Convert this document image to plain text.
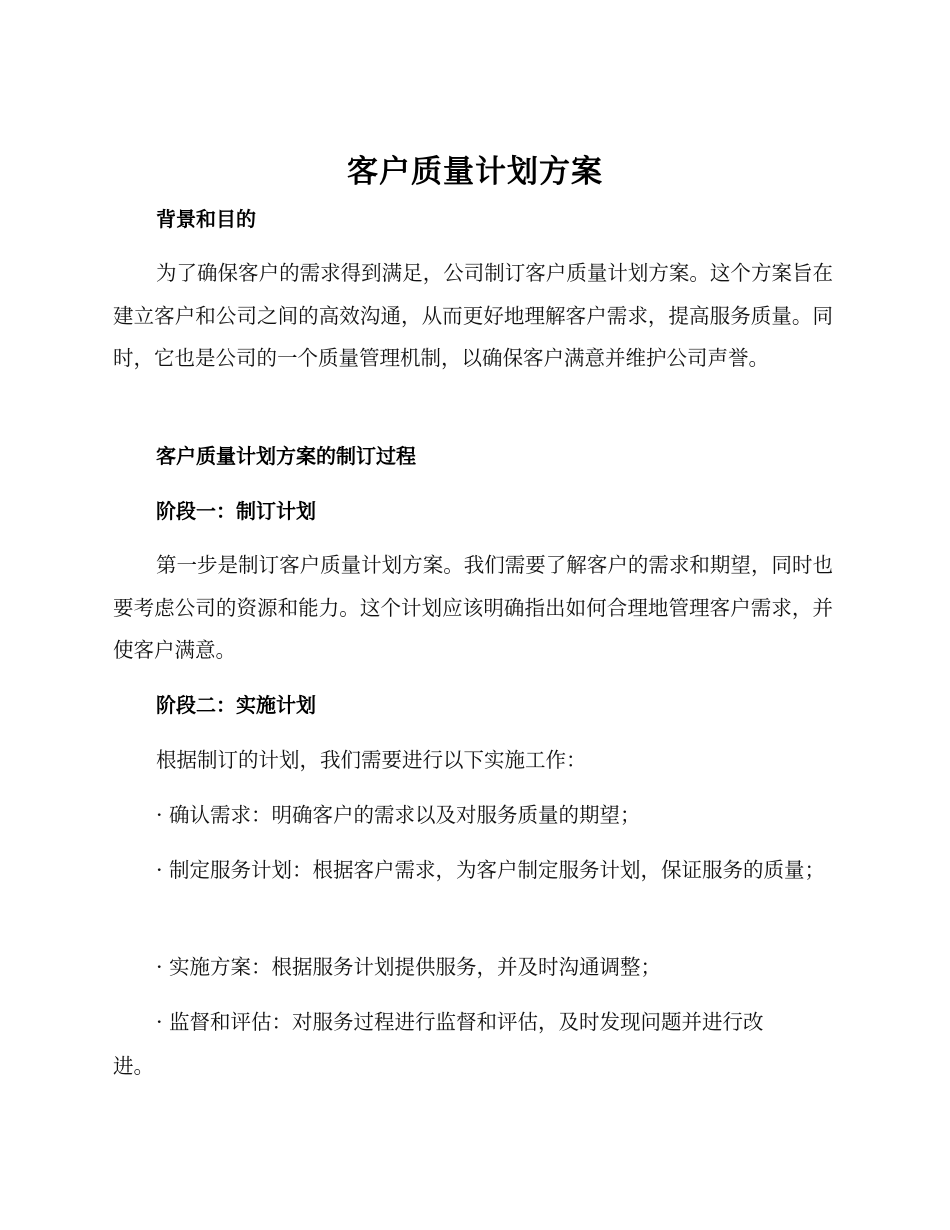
客户质量计划方案
背景和目的
为了确保客户的需求得到满足，公司制订客户质量计划方案。这个方案旨在建立客户和公司之间的高效沟通，从而更好地理解客户需求，提高服务质量。同时，它也是公司的一个质量管理机制，以确保客户满意并维护公司声誉。
客户质量计划方案的制订过程
阶段一：制订计划
第一步是制订客户质量计划方案。我们需要了解客户的需求和期望，同时也要考虑公司的资源和能力。这个计划应该明确指出如何合理地管理客户需求，并使客户满意。
阶段二：实施计划
根据制订的计划，我们需要进行以下实施工作：
· 确认需求：明确客户的需求以及对服务质量的期望；
· 制定服务计划：根据客户需求，为客户制定服务计划，保证服务的质量；
· 实施方案：根据服务计划提供服务，并及时沟通调整；
· 监督和评估：对服务过程进行监督和评估，及时发现问题并进行改进。
